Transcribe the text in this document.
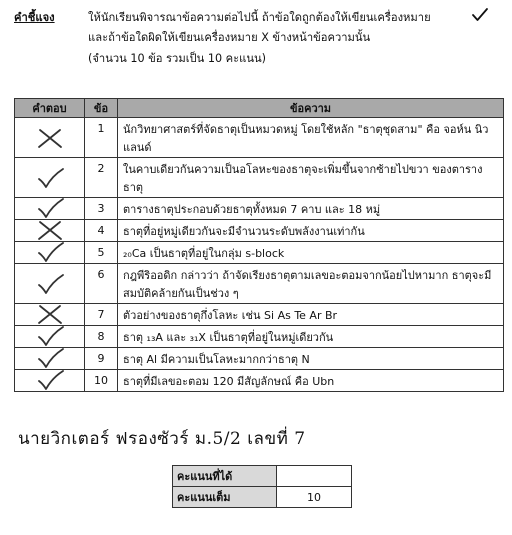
คำชี้แจง	ให้นักเรียนพิจารณาข้อความต่อไปนี้ ถ้าข้อใดถูกต้องให้เขียนเครื่องหมาย
และถ้าข้อใดผิดให้เขียนเครื่องหมาย X ข้างหน้าข้อความนั้น
(จำนวน 10 ข้อ รวมเป็น 10 คะแนน)
คำตอบ	ข้อ	ข้อความ

	1	นักวิทยาศาสตร์ที่จัดธาตุเป็นหมวดหมู่ โดยใช้หลัก "ธาตุชุดสาม" คือ จอห์น นิวแลนด์

	2	ในคาบเดียวกันความเป็นอโลหะของธาตุจะเพิ่มขึ้นจากซ้ายไปขวา ของตารางธาตุ

	3	ตารางธาตุประกอบด้วยธาตุทั้งหมด 7 คาบ และ 18 หมู่

	4	ธาตุที่อยู่หมู่เดียวกันจะมีจำนวนระดับพลังงานเท่ากัน

	5	₂₀Ca เป็นธาตุที่อยู่ในกลุ่ม s-block

	6	กฎพีริออดิก กล่าวว่า ถ้าจัดเรียงธาตุตามเลขอะตอมจากน้อยไปหามาก ธาตุจะมีสมบัติคล้ายกันเป็นช่วง ๆ

	7	ตัวอย่างของธาตุกึ่งโลหะ เช่น Si As Te Ar Br

	8	ธาตุ ₁₃A และ ₃₁X เป็นธาตุที่อยู่ในหมู่เดียวกัน

	9	ธาตุ Al มีความเป็นโลหะมากกว่าธาตุ N

	10	ธาตุที่มีเลขอะตอม 120 มีสัญลักษณ์ คือ Ubn
นายวิกเตอร์ ฟรองซัวร์ ม.5/2 เลขที่ 7
คะแนนที่ได้	
คะแนนเต็ม	10
